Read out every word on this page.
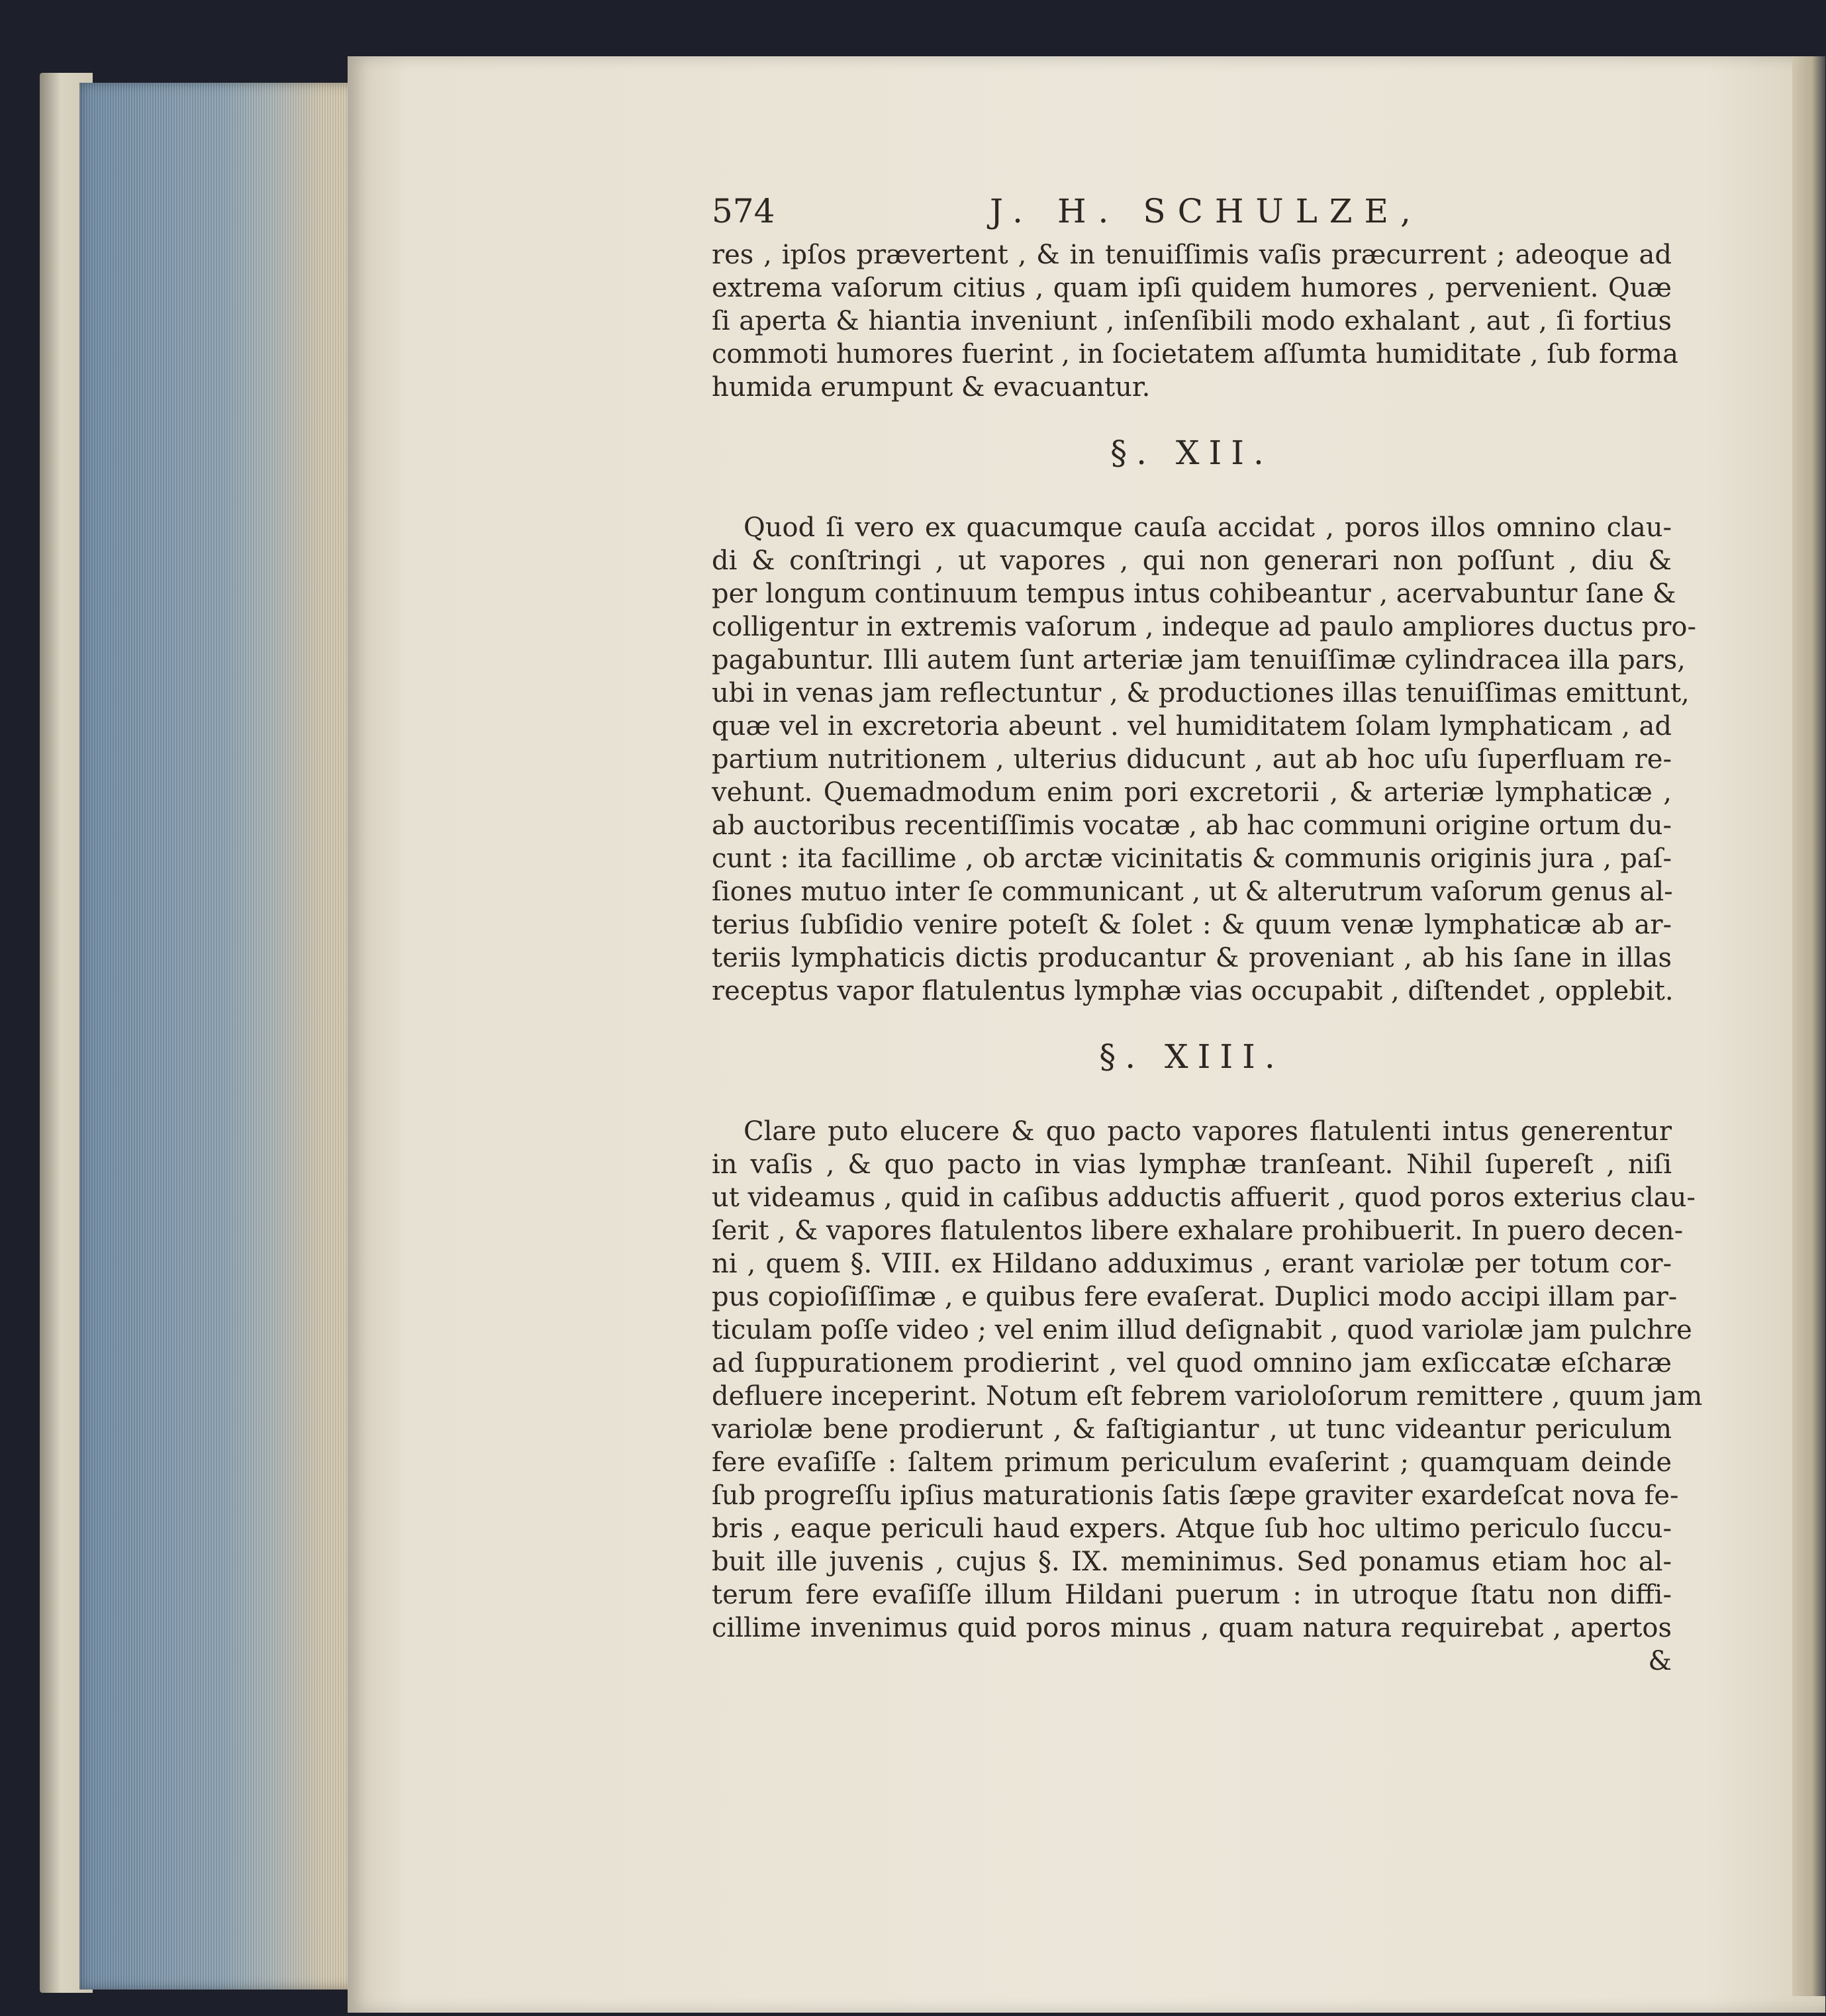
574	J. H. SCHULZE,
res , ipſos prævertent , & in tenuiſſimis vaſis præcurrent ; adeoque ad
extrema vaſorum citius , quam ipſi quidem humores , pervenient. Quæ
ſi aperta & hiantia inveniunt , inſenſibili modo exhalant , aut , ſi fortius
commoti humores fuerint , in ſocietatem aſſumta humiditate , ſub forma
humida erumpunt & evacuantur.
§. XII.
Quod ſi vero ex quacumque cauſa accidat , poros illos omnino clau-
di & conſtringi , ut vapores , qui non generari non poſſunt , diu &
per longum continuum tempus intus cohibeantur , acervabuntur ſane &
colligentur in extremis vaſorum , indeque ad paulo ampliores ductus pro-
pagabuntur. Illi autem ſunt arteriæ jam tenuiſſimæ cylindracea illa pars,
ubi in venas jam reflectuntur , & productiones illas tenuiſſimas emittunt,
quæ vel in excretoria abeunt . vel humiditatem ſolam lymphaticam , ad
partium nutritionem , ulterius diducunt , aut ab hoc uſu ſuperfluam re-
vehunt. Quemadmodum enim pori excretorii , & arteriæ lymphaticæ ,
ab auctoribus recentiſſimis vocatæ , ab hac communi origine ortum du-
cunt : ita facillime , ob arctæ vicinitatis & communis originis jura , paſ-
ſiones mutuo inter ſe communicant , ut & alterutrum vaſorum genus al-
terius ſubſidio venire poteſt & ſolet : & quum venæ lymphaticæ ab ar-
teriis lymphaticis dictis producantur & proveniant , ab his ſane in illas
receptus vapor flatulentus lymphæ vias occupabit , diſtendet , opplebit.
§. XIII.
Clare puto elucere & quo pacto vapores flatulenti intus generentur
in vaſis , & quo pacto in vias lymphæ tranſeant. Nihil ſupereſt , niſi
ut videamus , quid in caſibus adductis affuerit , quod poros exterius clau-
ſerit , & vapores flatulentos libere exhalare prohibuerit. In puero decen-
ni , quem §. VIII. ex Hildano adduximus , erant variolæ per totum cor-
pus copioſiſſimæ , e quibus fere evaſerat. Duplici modo accipi illam par-
ticulam poſſe video ; vel enim illud deſignabit , quod variolæ jam pulchre
ad ſuppurationem prodierint , vel quod omnino jam exſiccatæ eſcharæ
defluere inceperint. Notum eſt febrem varioloſorum remittere , quum jam
variolæ bene prodierunt , & faſtigiantur , ut tunc videantur periculum
fere evaſiſſe : ſaltem primum periculum evaſerint ; quamquam deinde
ſub progreſſu ipſius maturationis ſatis ſæpe graviter exardeſcat nova fe-
bris , eaque periculi haud expers. Atque ſub hoc ultimo periculo ſuccu-
buit ille juvenis , cujus §. IX. meminimus. Sed ponamus etiam hoc al-
terum fere evaſiſſe illum Hildani puerum : in utroque ſtatu non diffi-
cillime invenimus quid poros minus , quam natura requirebat , apertos
&
